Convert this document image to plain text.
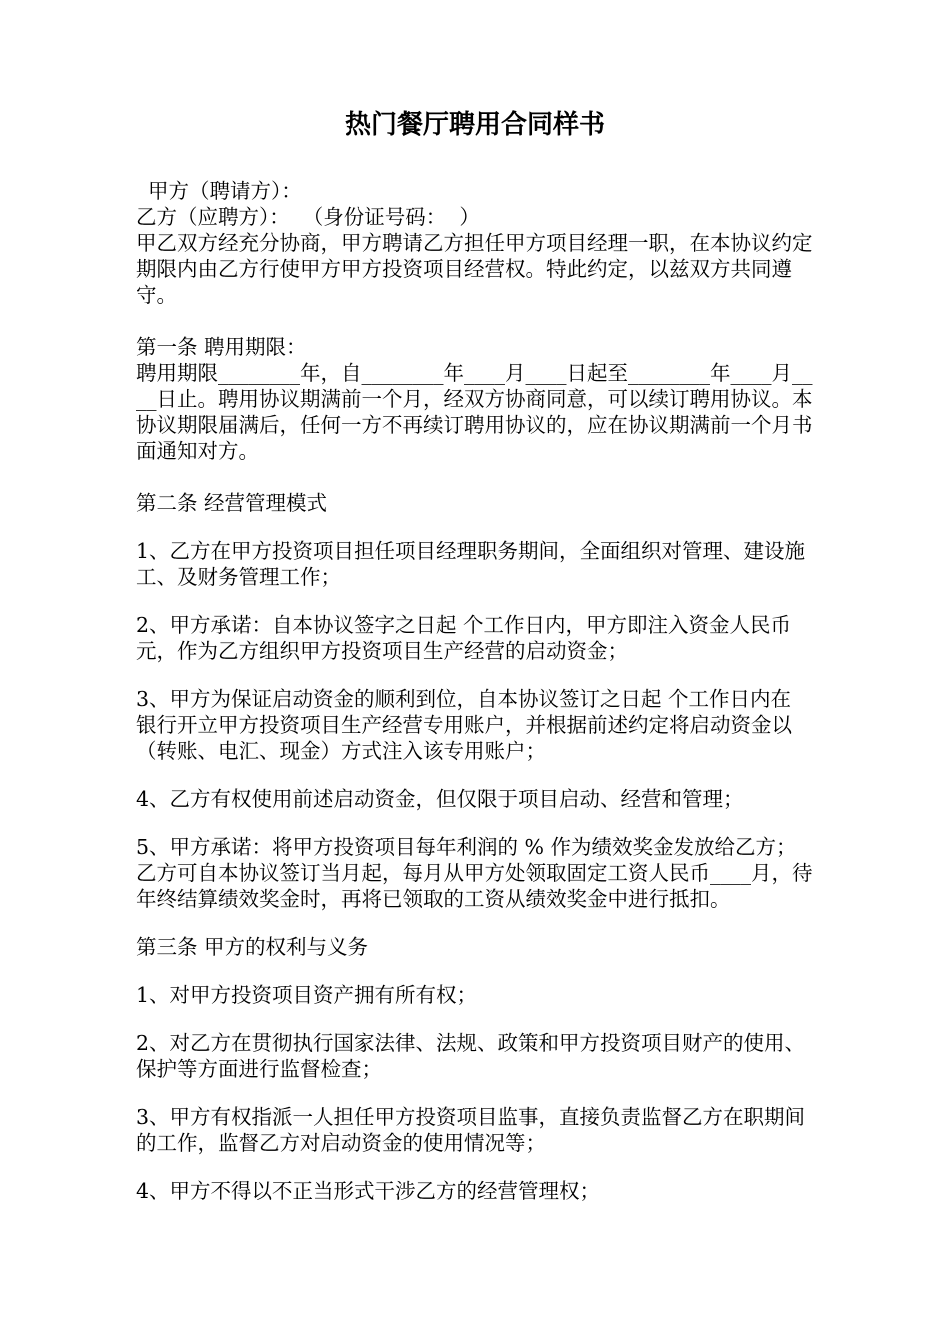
热门餐厅聘用合同样书

甲方（聘请方）：

乙方（应聘方）：  （身份证号码：  ）

甲乙双方经充分协商，甲方聘请乙方担任甲方项目经理一职，在本协议约定期限内由乙方行使甲方甲方投资项目经营权。特此约定，以兹双方共同遵守。

第一条 聘用期限：

聘用期限________年，自________年____月____日起至________年____月____日止。聘用协议期满前一个月，经双方协商同意，可以续订聘用协议。本协议期限届满后，任何一方不再续订聘用协议的，应在协议期满前一个月书面通知对方。

第二条 经营管理模式

1、乙方在甲方投资项目担任项目经理职务期间，全面组织对管理、建设施工、及财务管理工作；

2、甲方承诺：自本协议签字之日起 个工作日内，甲方即注入资金人民币 元，作为乙方组织甲方投资项目生产经营的启动资金；

3、甲方为保证启动资金的顺利到位，自本协议签订之日起 个工作日内在 银行开立甲方投资项目生产经营专用账户，并根据前述约定将启动资金以 （转账、电汇、现金）方式注入该专用账户；

4、乙方有权使用前述启动资金，但仅限于项目启动、经营和管理；

5、甲方承诺：将甲方投资项目每年利润的 % 作为绩效奖金发放给乙方；乙方可自本协议签订当月起，每月从甲方处领取固定工资人民币____月，待年终结算绩效奖金时，再将已领取的工资从绩效奖金中进行抵扣。

第三条 甲方的权利与义务

1、对甲方投资项目资产拥有所有权；

2、对乙方在贯彻执行国家法律、法规、政策和甲方投资项目财产的使用、保护等方面进行监督检查；

3、甲方有权指派一人担任甲方投资项目监事，直接负责监督乙方在职期间的工作，监督乙方对启动资金的使用情况等；

4、甲方不得以不正当形式干涉乙方的经营管理权；
